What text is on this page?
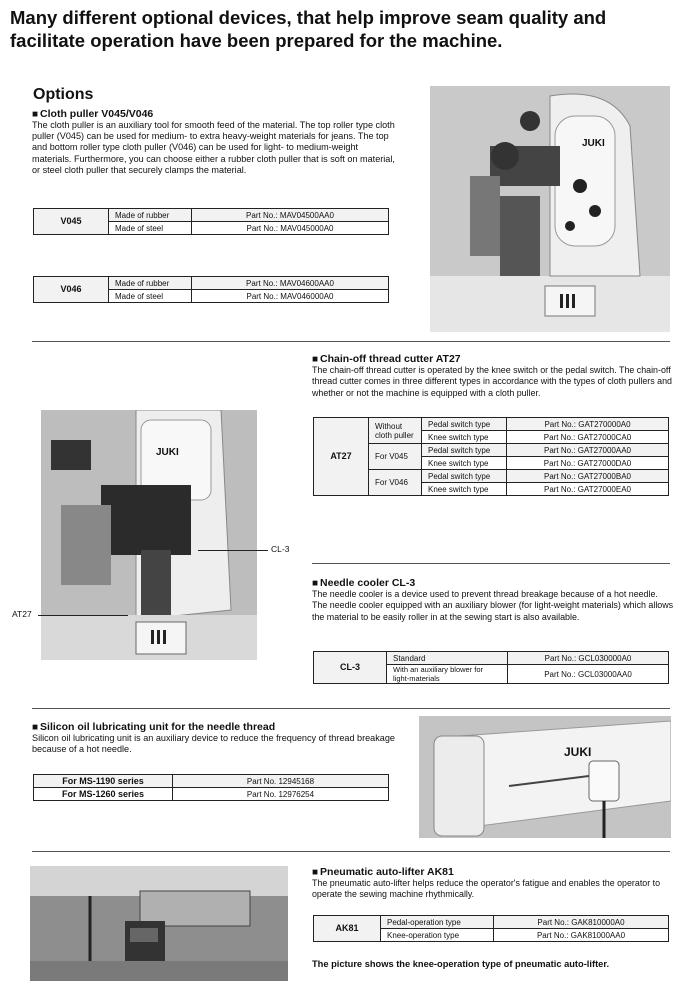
Many different optional devices, that help improve seam quality and facilitate operation have been prepared for the machine.

Options

■ Cloth puller V045/V046

The cloth puller is an auxiliary tool for smooth feed of the material. The top roller type cloth puller (V045) can be used for medium- to extra heavy-weight materials for jeans. The top and bottom roller type cloth puller (V046) can be used for light- to medium-weight materials. Furthermore, you can choose either a rubber cloth puller that is soft on material, or steel cloth puller that securely clamps the material.

V045	Made of rubber	Part No.: MAV04500AA0
	Made of steel	Part No.: MAV045000A0
V046	Made of rubber	Part No.: MAV04600AA0
	Made of steel	Part No.: MAV046000A0
JUKI
JUKI
CL-3
AT27

■ Chain-off thread cutter AT27

The chain-off thread cutter is operated by the knee switch or the pedal switch. The chain-off thread cutter comes in three different types in accordance with the types of cloth pullers and whether or not the machine is equipped with a cloth puller.

AT27	Without cloth puller	Pedal switch type	Part No.: GAT270000A0
		Knee switch type	Part No.: GAT27000CA0
	For V045	Pedal switch type	Part No.: GAT27000AA0
		Knee switch type	Part No.: GAT27000DA0
	For V046	Pedal switch type	Part No.: GAT27000BA0
		Knee switch type	Part No.: GAT27000EA0

■ Needle cooler CL-3

The needle cooler is a device used to prevent thread breakage because of a hot needle. The needle cooler equipped with an auxiliary blower (for light-weight materials) which allows the material to be easily roller in at the sewing start is also available.

CL-3	Standard	Part No.: GCL030000A0
	With an auxiliary blower for light-materials	Part No.: GCL03000AA0

■ Silicon oil lubricating unit for the needle thread

Silicon oil lubricating unit is an auxiliary device to reduce the frequency of thread breakage because of a hot needle.

For MS-1190 series	Part No. 12945168
For MS-1260 series	Part No. 12976254
JUKI

■ Pneumatic auto-lifter AK81

The pneumatic auto-lifter helps reduce the operator's fatigue and enables the operator to operate the sewing machine rhythmically.

AK81	Pedal-operation type	Part No.: GAK810000A0
	Knee-operation type	Part No.: GAK81000AA0

The picture shows the knee-operation type of pneumatic auto-lifter.
